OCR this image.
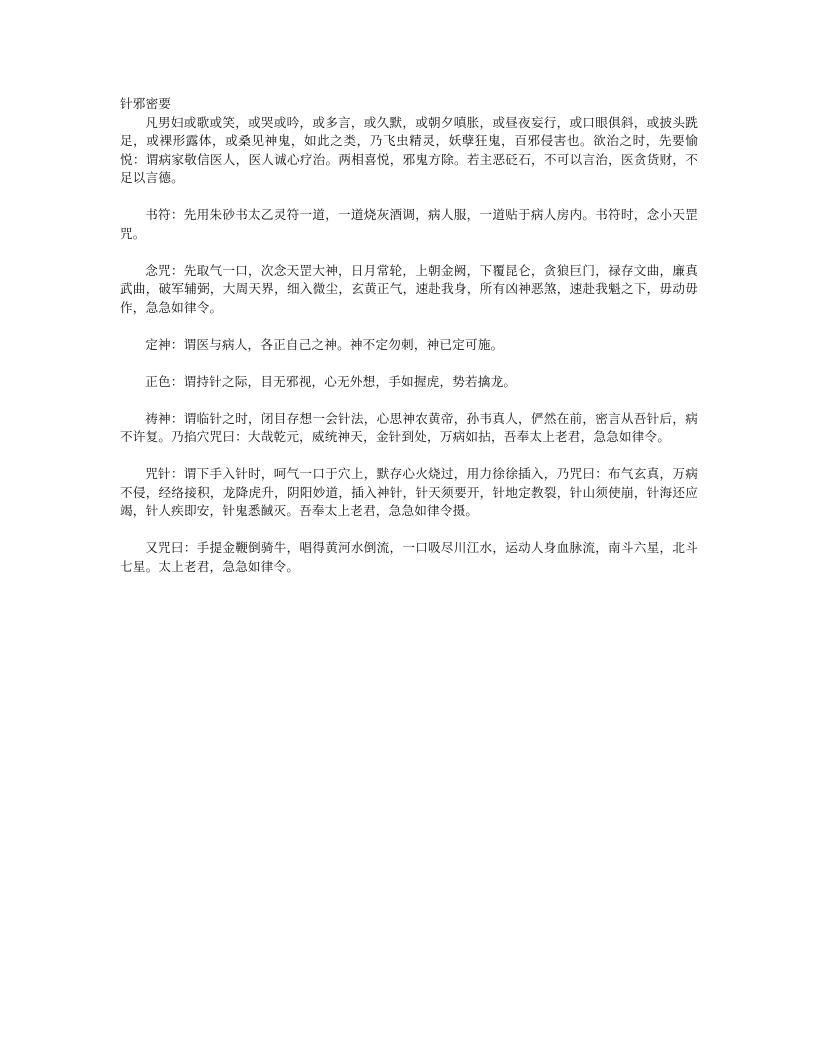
针邪密要

凡男妇或歌或笑，或哭或吟，或多言，或久默，或朝夕嗔胀，或昼夜妄行，或口眼俱斜，或披头跣足，或裸形露体，或桑见神鬼，如此之类，乃飞虫精灵，妖孽狂鬼，百邪侵害也。欲治之时，先要愉悦：谓病家敬信医人，医人诚心疗治。两相喜悦，邪鬼方除。若主恶砭石，不可以言治，医贪货财，不足以言德。

书符：先用朱砂书太乙灵符一道，一道烧灰酒调，病人服，一道贴于病人房内。书符时，念小天罡咒。

念咒：先取气一口，次念天罡大神，日月常轮，上朝金阙，下覆昆仑，贪狼巨门，禄存文曲，廉真武曲，破军辅弼，大周天界，细入微尘，玄黄正气，速赴我身，所有凶神恶煞，速赴我魁之下，毋动毋作，急急如律令。

定神：谓医与病人，各正自己之神。神不定勿刺，神已定可施。

正色：谓持针之际，目无邪视，心无外想，手如握虎，势若擒龙。

祷神：谓临针之时，闭目存想一会针法，心思神农黄帝，孙韦真人，俨然在前，密言从吾针后，病不许复。乃掐穴咒曰：大哉乾元，威统神天，金针到处，万病如拈，吾奉太上老君，急急如律令。

咒针：谓下手入针时，呵气一口于穴上，默存心火烧过，用力徐徐插入，乃咒曰：布气玄真，万病不侵，经络接积，龙降虎升，阴阳妙道，插入神针，针天须要开，针地定教裂，针山须使崩，针海还应竭，针人疾即安，针鬼悉馘灭。吾奉太上老君，急急如律令摄。

又咒曰：手提金鞭倒骑牛，唱得黄河水倒流，一口吸尽川江水，运动人身血脉流，南斗六星，北斗七星。太上老君，急急如律令。
